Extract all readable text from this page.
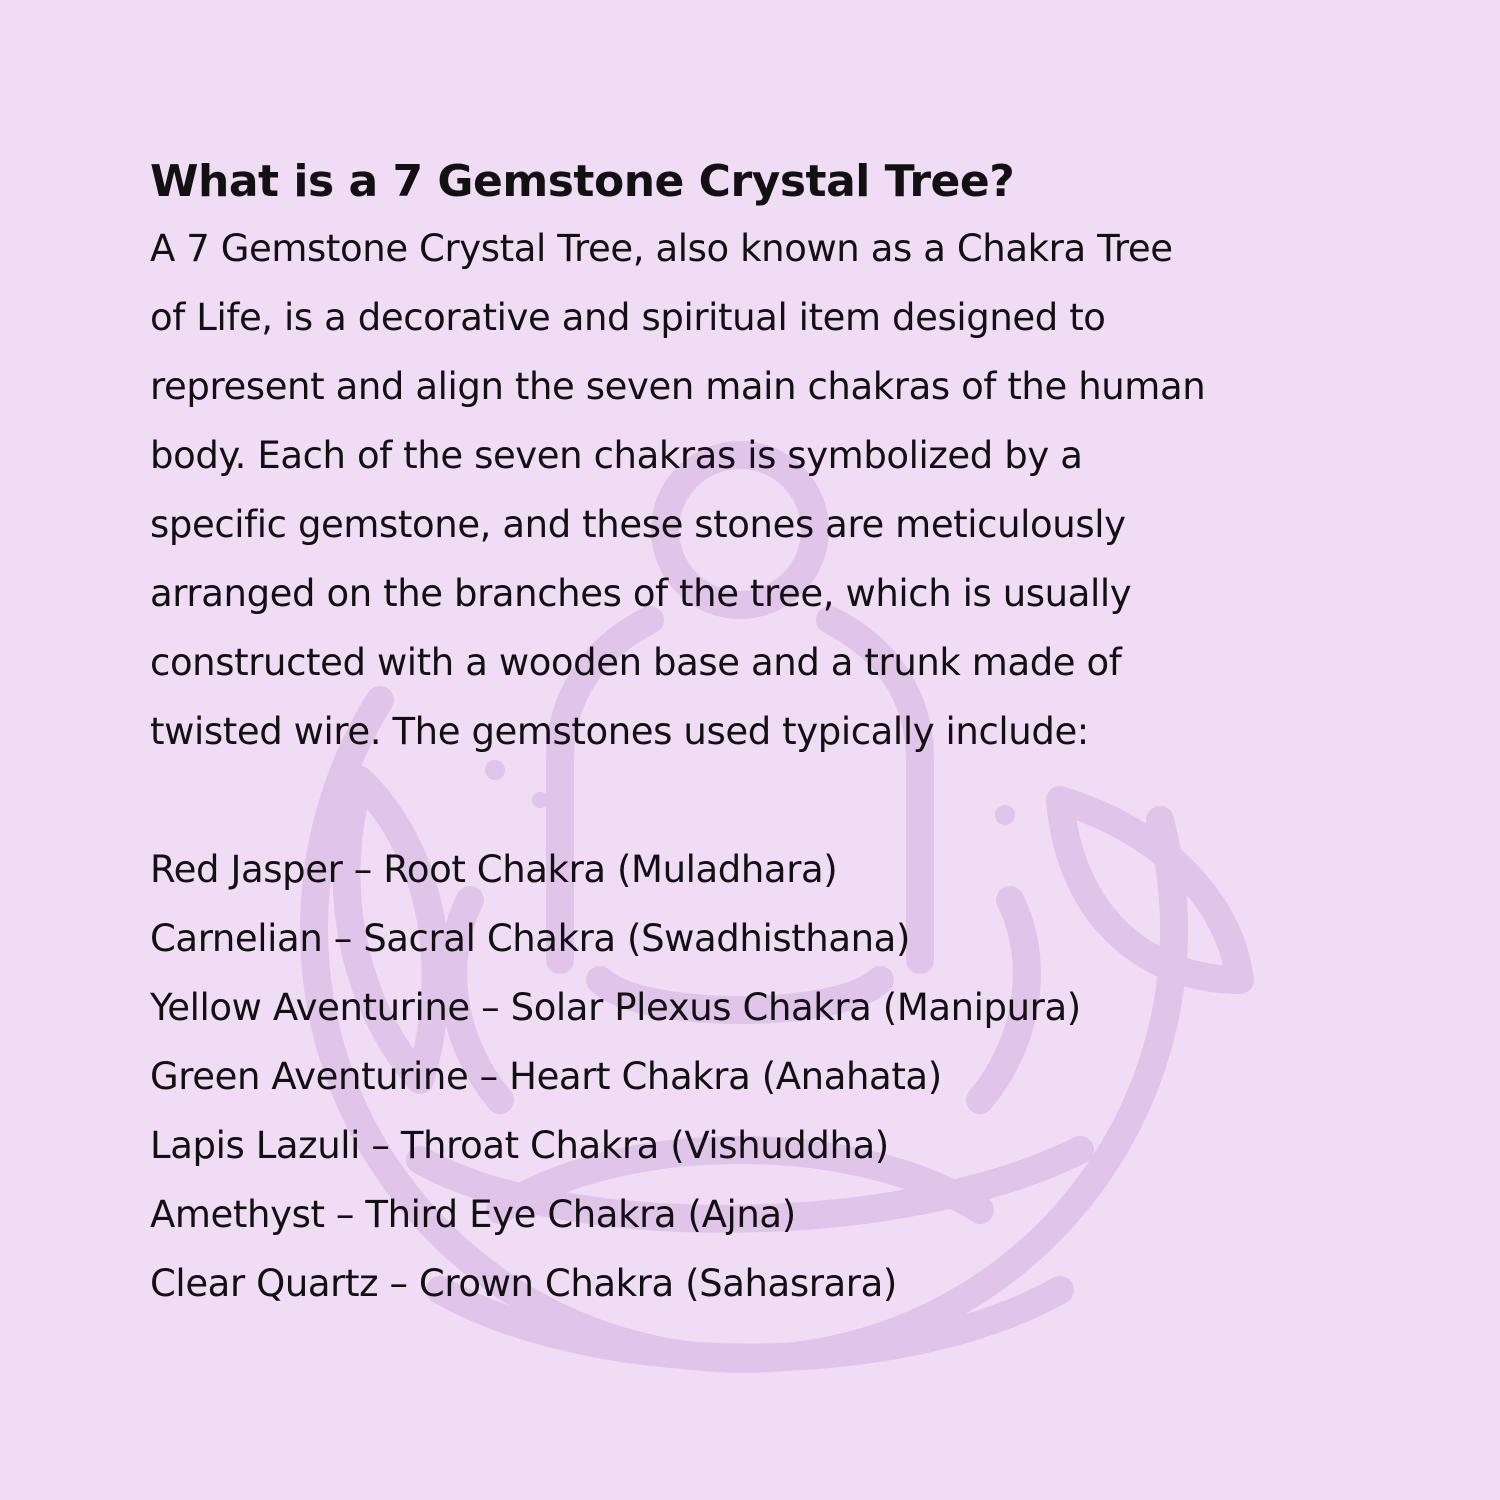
What is a 7 Gemstone Crystal Tree?

A 7 Gemstone Crystal Tree, also known as a Chakra Tree
of Life, is a decorative and spiritual item designed to
represent and align the seven main chakras of the human
body. Each of the seven chakras is symbolized by a
specific gemstone, and these stones are meticulously
arranged on the branches of the tree, which is usually
constructed with a wooden base and a trunk made of
twisted wire. The gemstones used typically include:

Red Jasper – Root Chakra (Muladhara)
Carnelian – Sacral Chakra (Swadhisthana)
Yellow Aventurine – Solar Plexus Chakra (Manipura)
Green Aventurine – Heart Chakra (Anahata)
Lapis Lazuli – Throat Chakra (Vishuddha)
Amethyst – Third Eye Chakra (Ajna)
Clear Quartz – Crown Chakra (Sahasrara)
